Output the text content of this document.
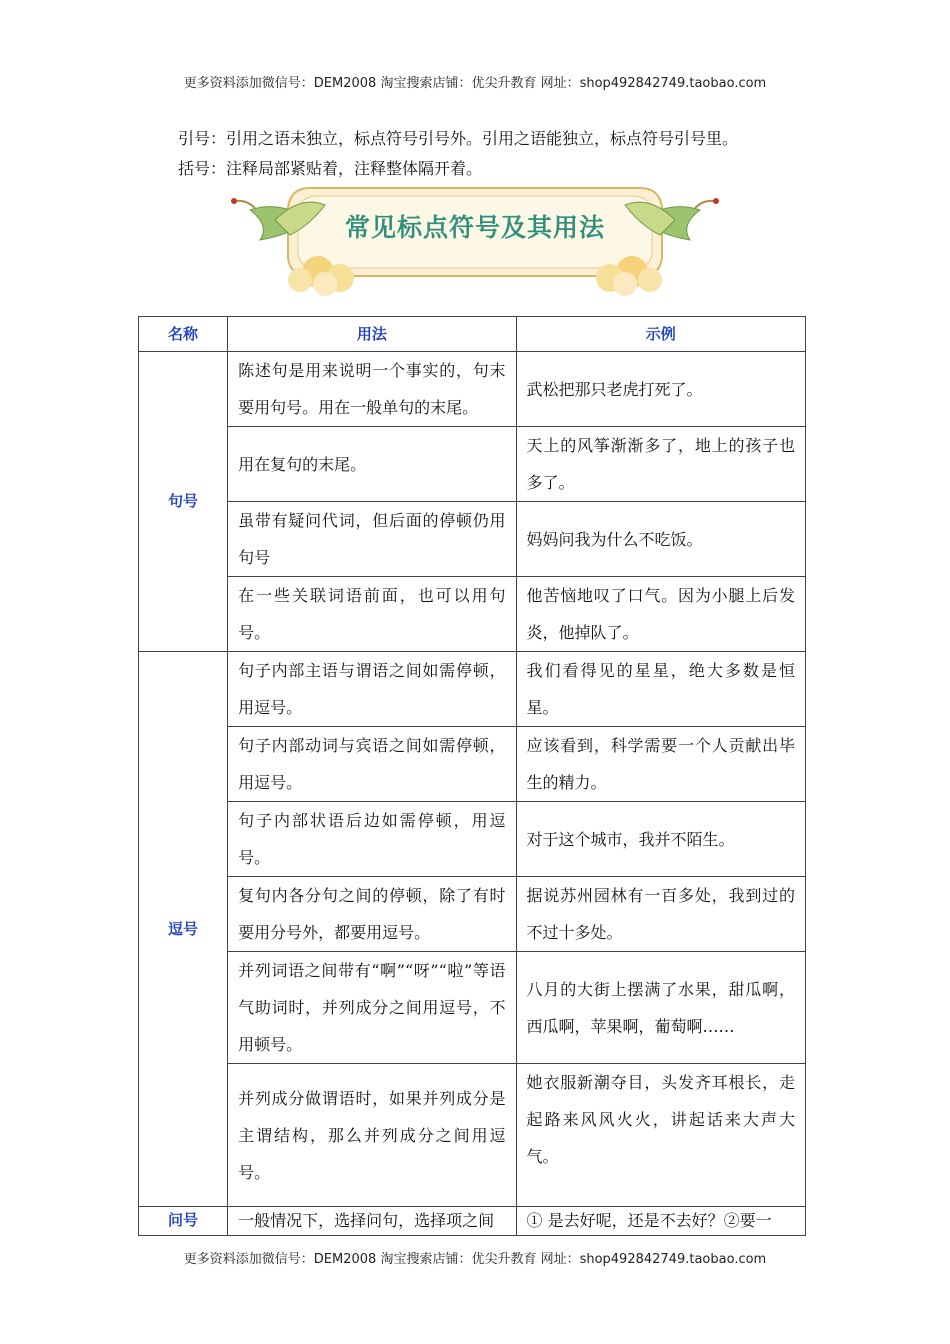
更多资料添加微信号：DEM2008 淘宝搜索店铺：优尖升教育 网址：shop492842749.taobao.com
引号：引用之语未独立，标点符号引号外。引用之语能独立，标点符号引号里。
括号：注释局部紧贴着，注释整体隔开着。
常见标点符号及其用法
名称	用法	示例
句号	陈述句是用来说明一个事实的，句末要用句号。用在一般单句的末尾。	武松把那只老虎打死了。
	用在复句的末尾。	天上的风筝渐渐多了，地上的孩子也多了。
	虽带有疑问代词，但后面的停顿仍用句号	妈妈问我为什么不吃饭。
	在一些关联词语前面，也可以用句号。	他苦恼地叹了口气。因为小腿上后发炎，他掉队了。
逗号	句子内部主语与谓语之间如需停顿，用逗号。	我们看得见的星星，绝大多数是恒星。
	句子内部动词与宾语之间如需停顿，用逗号。	应该看到，科学需要一个人贡献出毕生的精力。
	句子内部状语后边如需停顿，用逗号。	对于这个城市，我并不陌生。
	复句内各分句之间的停顿，除了有时要用分号外，都要用逗号。	据说苏州园林有一百多处，我到过的不过十多处。
	并列词语之间带有“啊”“呀”“啦”等语气助词时，并列成分之间用逗号，不用顿号。	八月的大街上摆满了水果，甜瓜啊，西瓜啊，苹果啊，葡萄啊……
	并列成分做谓语时，如果并列成分是主谓结构，那么并列成分之间用逗号。	她衣服新潮夺目，头发齐耳根长，走起路来风风火火，讲起话来大声大气。
问号	一般情况下，选择问句，选择项之间	① 是去好呢，还是不去好？②要一
更多资料添加微信号：DEM2008 淘宝搜索店铺：优尖升教育 网址：shop492842749.taobao.com
